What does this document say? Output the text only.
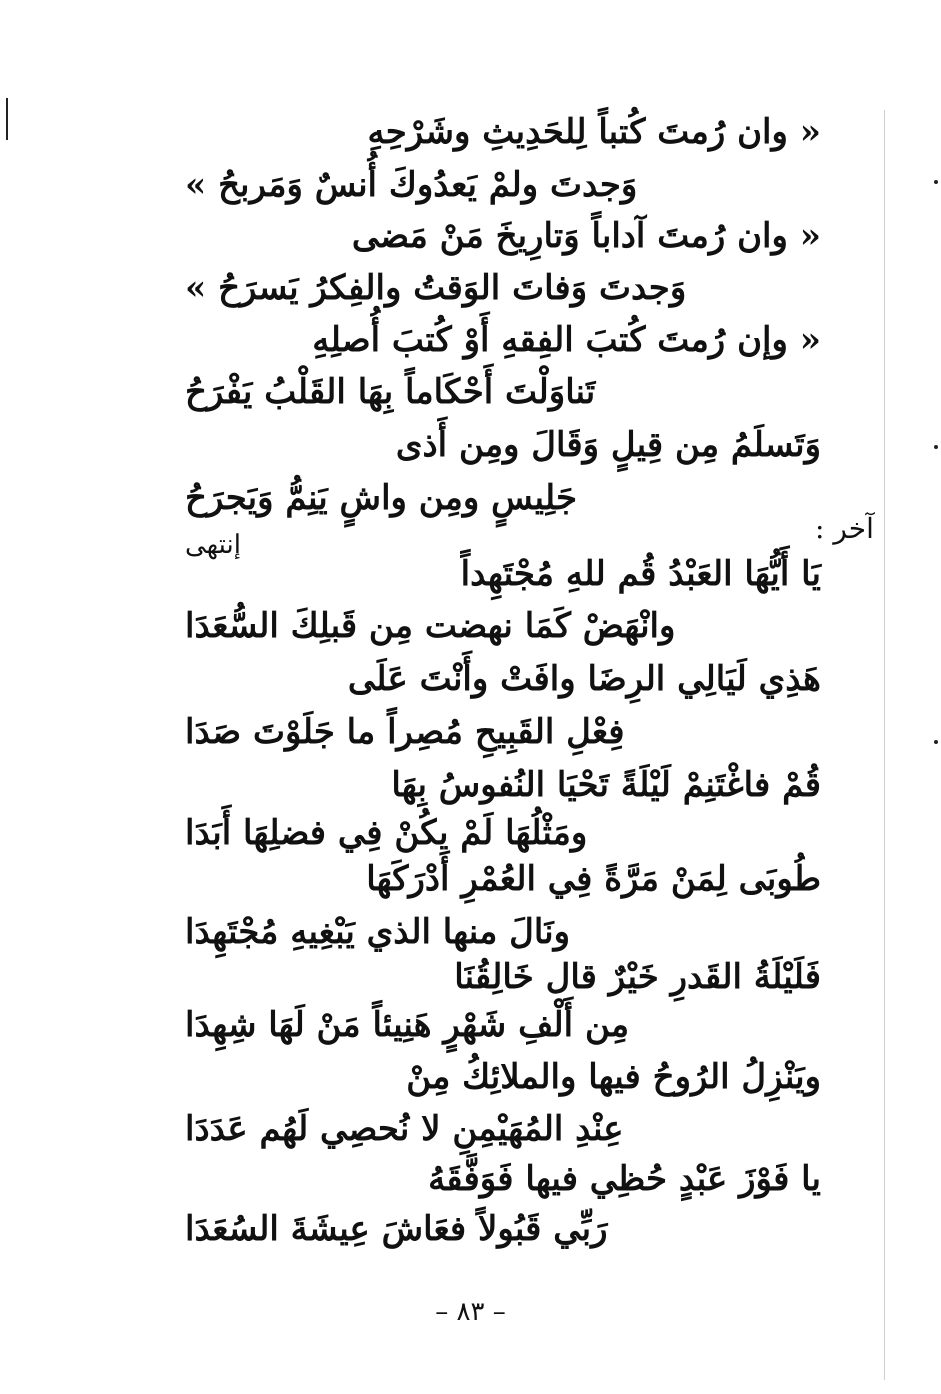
« وان رُمتَ كُتباً لِلحَدِيثِ وشَرْحِهِ
وَجدتَ ولمْ يَعدُوكَ أُنسٌ وَمَربحُ »
« وان رُمتَ آداباً وَتارِيخَ مَنْ مَضى
وَجدتَ وَفاتَ الوَقتُ والفِكرُ يَسرَحُ »
« وإن رُمتَ كُتبَ الفِقهِ أَوْ كُتبَ أُصلِهِ
تَناوَلْتَ أَحْكَاماً بِهَا القَلْبُ يَفْرَحُ
وَتَسلَمُ مِن قِيلٍ وَقَالَ ومِن أَذى
جَلِيسٍ ومِن واشٍ يَنِمُّ وَيَجرَحُ
إنتهى	آخر :
يَا أَيُّهَا العَبْدُ قُم للهِ مُجْتَهِداً
وانْهَضْ كَمَا نهضت مِن قَبلِكَ السُّعَدَا
هَذِي لَيَالِي الرِضَا وافَتْ وأَنْتَ عَلَى
فِعْلِ القَبِيحِ مُصِراً ما جَلَوْتَ صَدَا
قُمْ فاغْتَنِمْ لَيْلَةً تَحْيَا النُفوسُ بِهَا
ومَثْلُهَا لَمْ يكُنْ فِي فضلِهَا أَبَدَا
طُوبَى لِمَنْ مَرَّةً فِي العُمْرِ أَدْرَكَهَا
ونَالَ منها الذي يَبْغِيهِ مُجْتَهِدَا
فَلَيْلَةُ القَدرِ خَيْرٌ قال خَالِقُنَا
مِن أَلْفِ شَهْرٍ هَنِيئاً مَنْ لَهَا شِهِدَا
ويَنْزِلُ الرُوحُ فيها والملائِكُ مِنْ
عِنْدِ المُهَيْمِنِ لا نُحصِي لَهُم عَدَدَا
يا فَوْزَ عَبْدٍ حُظِي فيها فَوَفَّقَهُ
رَبِّي قَبُولاً فعَاشَ عِيشَةَ السُعَدَا
– ٨٣ –
